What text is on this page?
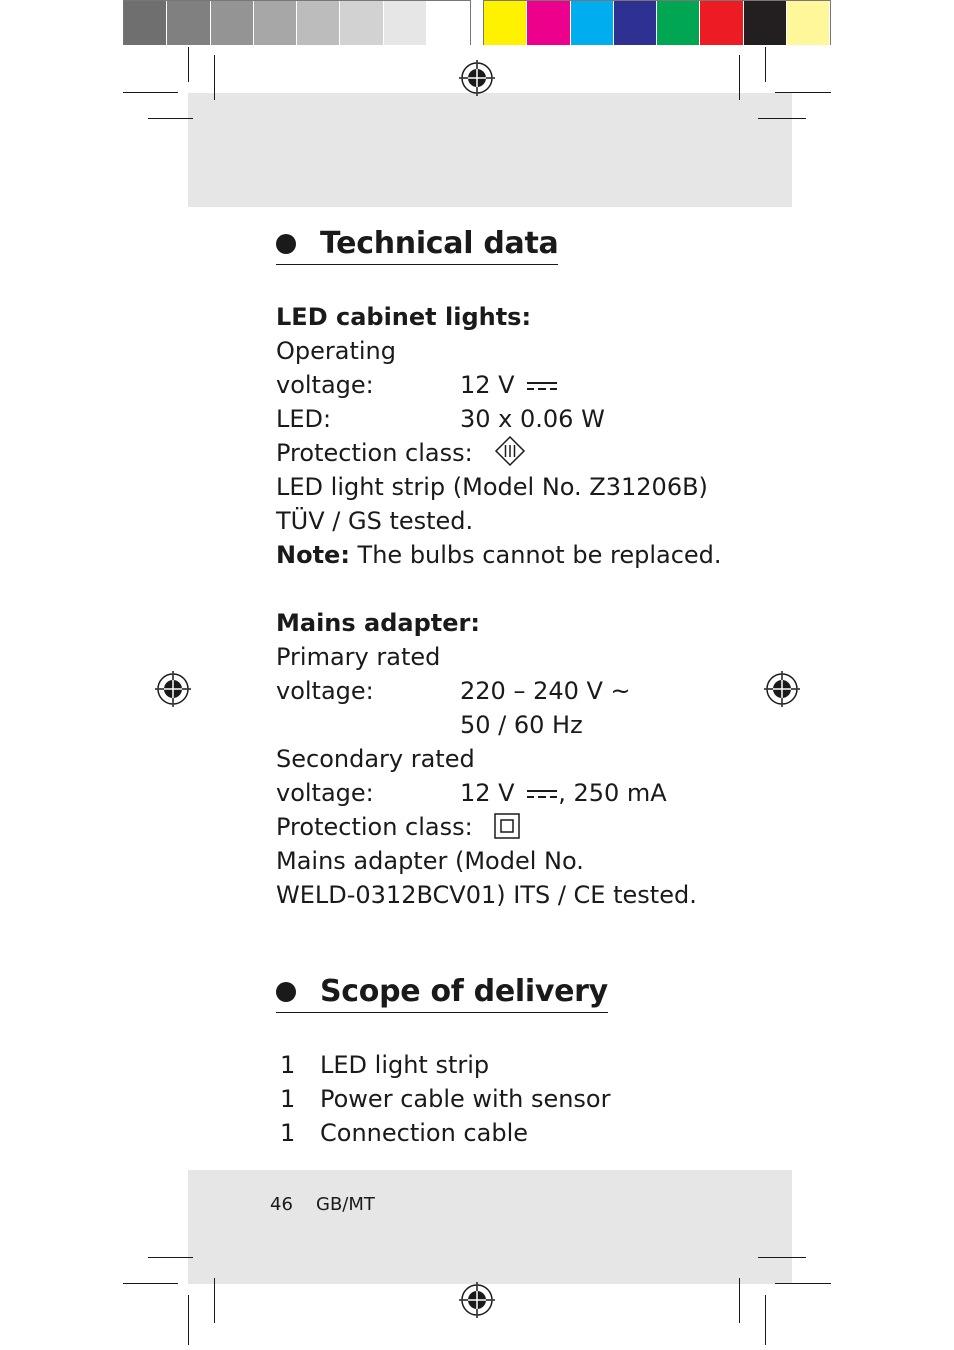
Technical data
LED cabinet lights:
Operating
voltage:	12 V
LED:	30 x 0.06 W
Protection class:
LED light strip (Model No. Z31206B)
TÜV / GS tested.
Note: The bulbs cannot be replaced.
Mains adapter:
Primary rated
voltage:	220 – 240 V ~
50 / 60 Hz
Secondary rated
voltage:	12 V , 250 mA
Protection class:
Mains adapter (Model No.
WELD-0312BCV01) ITS / CE tested.
Scope of delivery
1 LED light strip
1 Power cable with sensor
1 Connection cable
46 GB/MT
